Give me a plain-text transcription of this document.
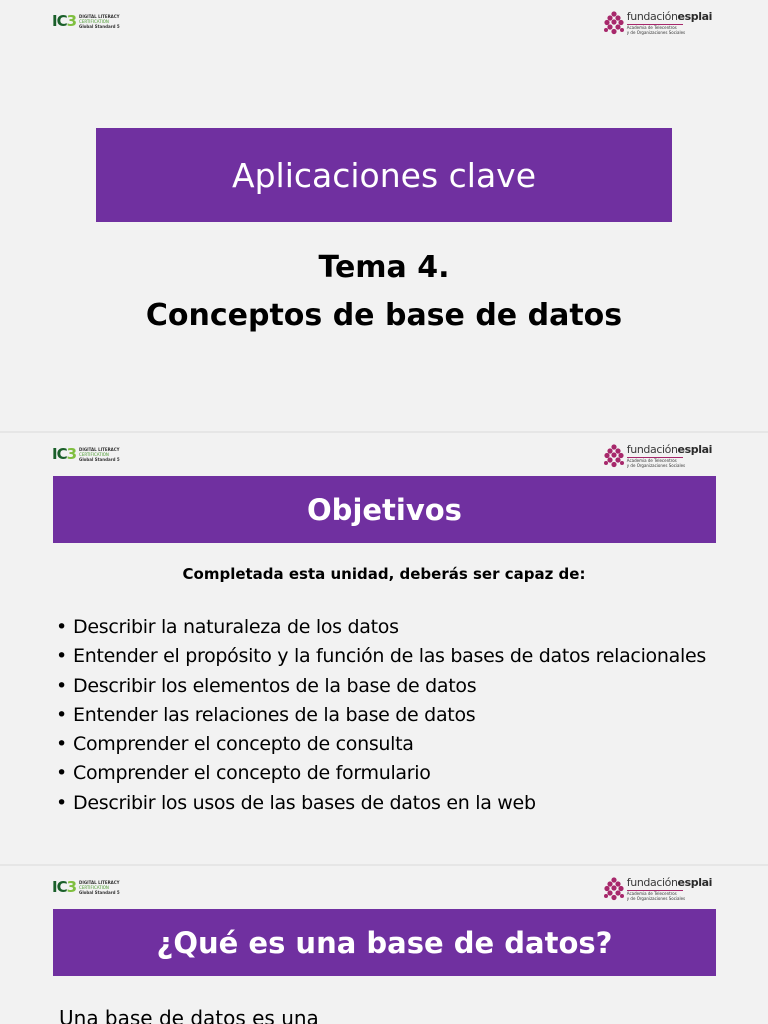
IC3 DIGITAL LITERACY
CERTIFICATION
Global Standard 5
fundaciónesplai
Academia de Telecentros
y de Organizaciones Sociales
Aplicaciones clave
Tema 4.
Conceptos de base de datos
IC3 DIGITAL LITERACY
CERTIFICATION
Global Standard 5
fundaciónesplai
Academia de Telecentros
y de Organizaciones Sociales
Objetivos
Completada esta unidad, deberás ser capaz de:
• Describir la naturaleza de los datos
• Entender el propósito y la función de las bases de datos relacionales
• Describir los elementos de la base de datos
• Entender las relaciones de la base de datos
• Comprender el concepto de consulta
• Comprender el concepto de formulario
• Describir los usos de las bases de datos en la web
IC3 DIGITAL LITERACY
CERTIFICATION
Global Standard 5
fundaciónesplai
Academia de Telecentros
y de Organizaciones Sociales
¿Qué es una base de datos?
Una base de datos es una
